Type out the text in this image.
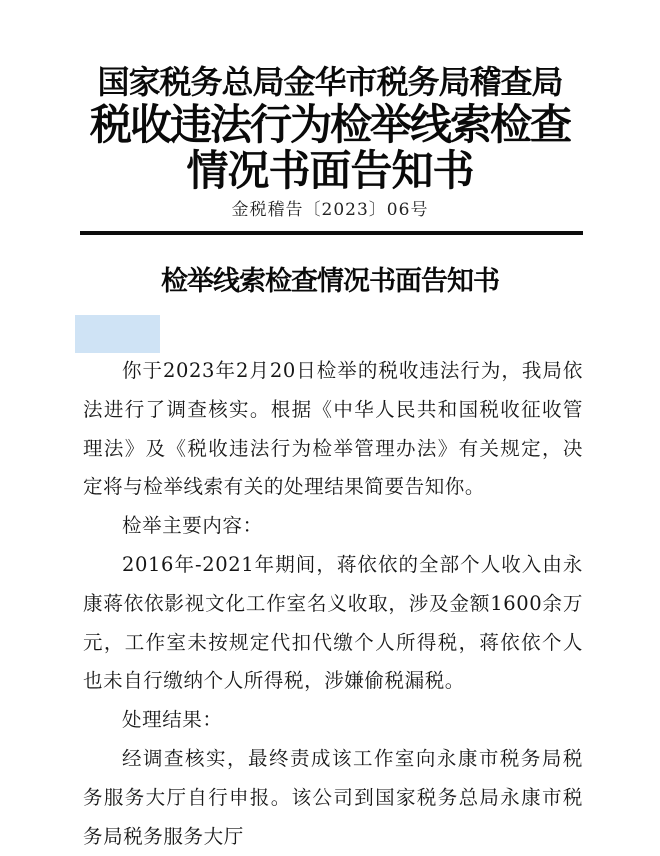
国家税务总局金华市税务局稽查局
税收违法行为检举线索检查
情况书面告知书
金税稽告〔2023〕06号
检举线索检查情况书面告知书

你于2023年2月20日检举的税收违法行为，我局依法进行了调查核实。根据《中华人民共和国税收征收管理法》及《税收违法行为检举管理办法》有关规定，决定将与检举线索有关的处理结果简要告知你。

检举主要内容：

2016年-2021年期间，蒋依依的全部个人收入由永康蒋依依影视文化工作室名义收取，涉及金额1600余万元，工作室未按规定代扣代缴个人所得税，蒋依依个人也未自行缴纳个人所得税，涉嫌偷税漏税。

处理结果：

经调查核实，最终责成该工作室向永康市税务局税务服务大厅自行申报。该公司到国家税务总局永康市税务局税务服务大厅
